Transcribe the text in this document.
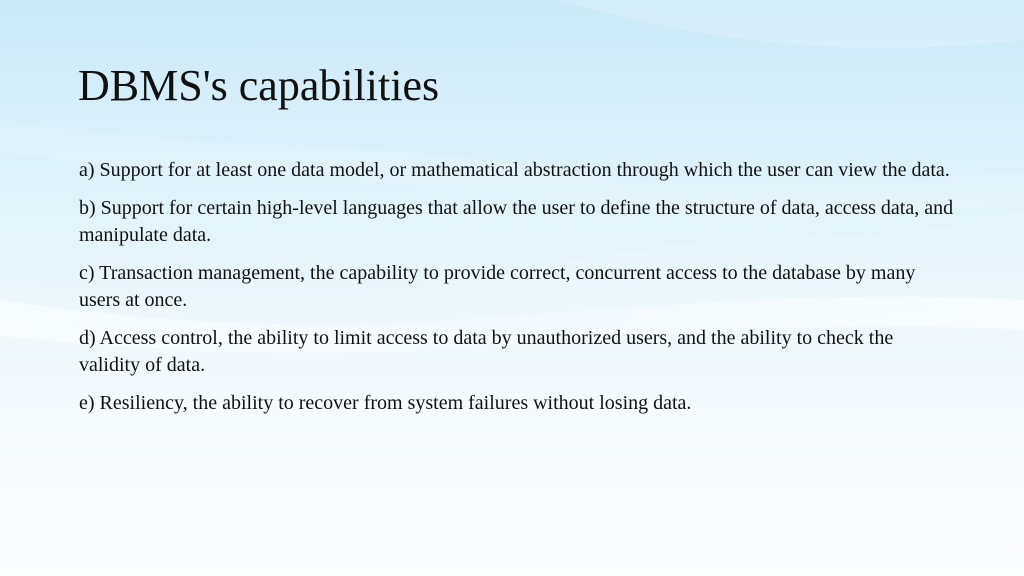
DBMS's capabilities
a) Support for at least one data model, or mathematical abstraction through which the user can view the data.
b) Support for certain high-level languages that allow the user to define the structure of data, access data, and manipulate data.
c) Transaction management, the capability to provide correct, concurrent access to the database by many users at once.
d) Access control, the ability to limit access to data by unauthorized users, and the ability to check the validity of data.
e) Resiliency, the ability to recover from system failures without losing data.
